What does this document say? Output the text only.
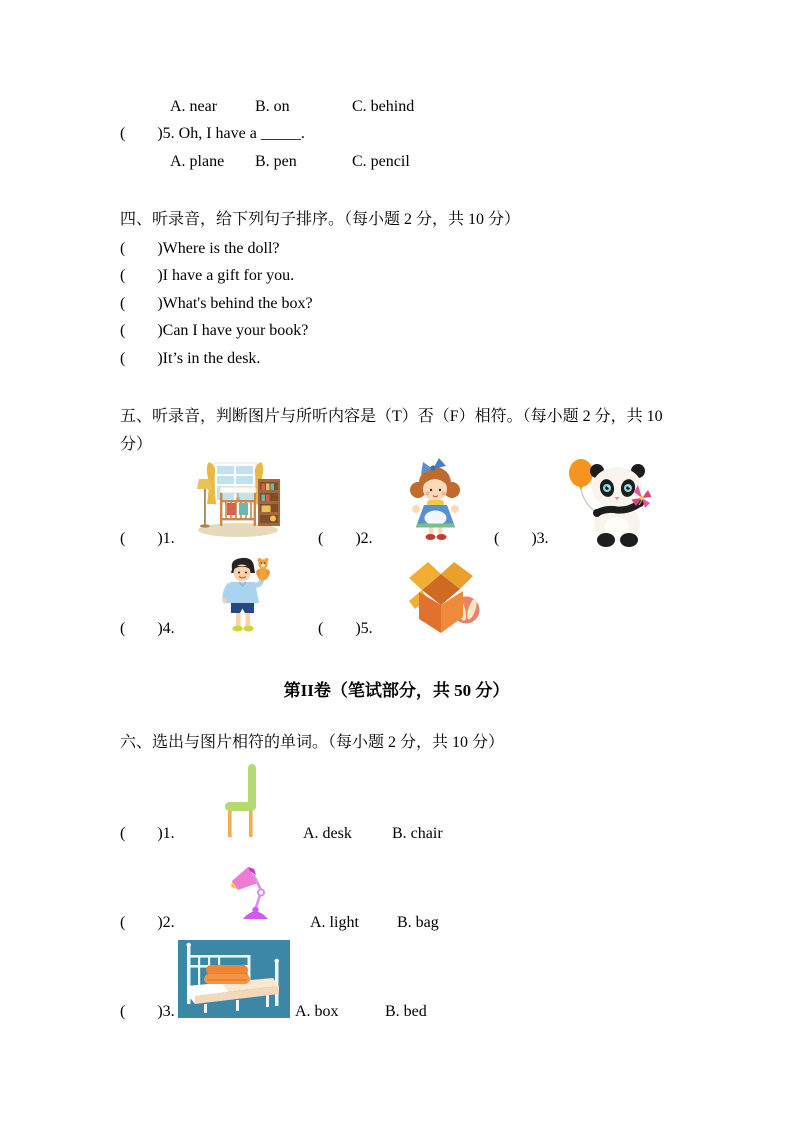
A. near B. on	C. behind
(        )5. Oh, I have a _____.
A. plane B. pen	C. pencil
四、听录音，给下列句子排序。（每小题 2 分，共 10 分）
(        )Where is the doll?
(        )I have a gift for you.
(        )What's behind the box?
(        )Can I have your book?
(        )It’s in the desk.
五、听录音，判断图片与所听内容是（T）否（F）相符。（每小题 2 分，共 10
分）
(        )1.	(        )2.	(        )3.
(        )4.	(        )5.
第II卷（笔试部分，共 50 分）
六、选出与图片相符的单词。（每小题 2 分，共 10 分）
(        )1.	A. desk	B. chair
(        )2.	A. light B. bag
(        )3.	A. box	B. bed
